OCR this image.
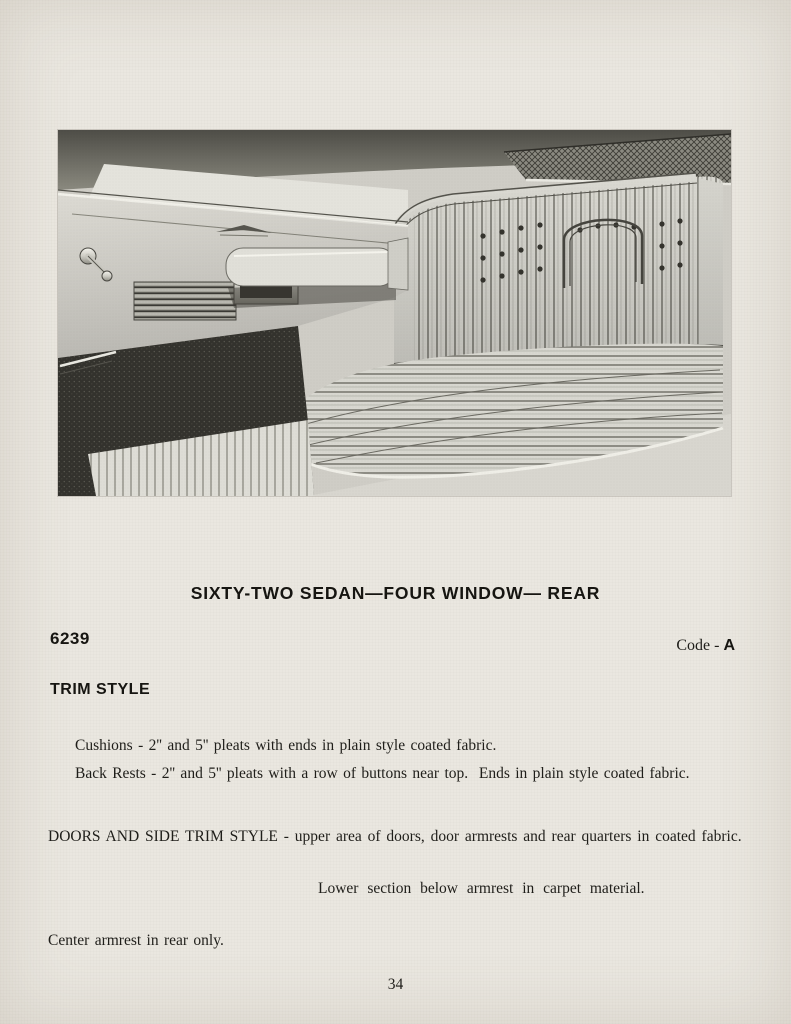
SIXTY-TWO SEDAN—FOUR WINDOW— REAR
6239	Code - A
TRIM STYLE
Cushions - 2'' and 5'' pleats with ends in plain style coated fabric.
Back Rests - 2'' and 5'' pleats with a row of buttons near top.  Ends in plain style coated fabric.
DOORS AND SIDE TRIM STYLE - upper area of doors, door armrests and rear quarters in coated fabric.
Lower section below armrest in carpet material.
Center armrest in rear only.
34
